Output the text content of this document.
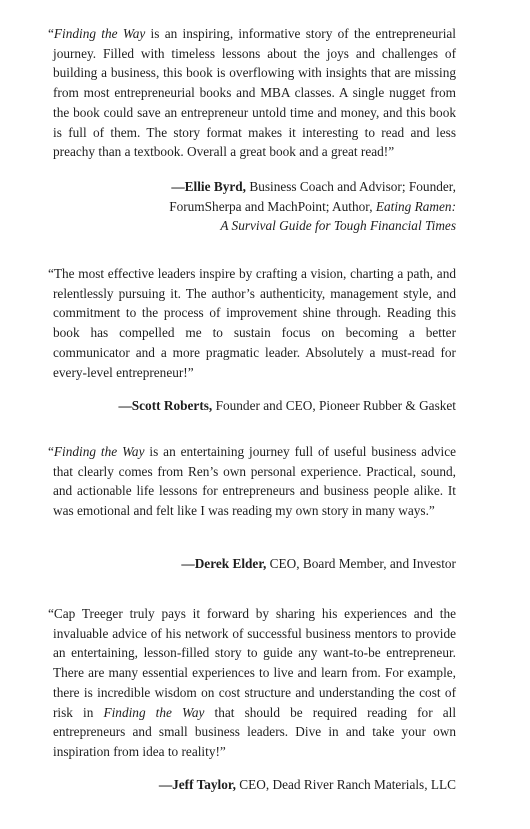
“Finding the Way is an inspiring, informative story of the entrepreneurial journey. Filled with timeless lessons about the joys and challenges of building a business, this book is overflowing with insights that are missing from most entrepreneurial books and MBA classes. A single nugget from the book could save an entrepreneur untold time and money, and this book is full of them. The story format makes it interesting to read and less preachy than a textbook. Overall a great book and a great read!”

—Ellie Byrd, Business Coach and Advisor; Founder,
ForumSherpa and MachPoint; Author, Eating Ramen:
A Survival Guide for Tough Financial Times

“The most effective leaders inspire by crafting a vision, charting a path, and relentlessly pursuing it. The author’s authenticity, management style, and commitment to the process of improvement shine through. Reading this book has compelled me to sustain focus on becoming a better communicator and a more pragmatic leader. Absolutely a must-read for every-level entrepreneur!”

—Scott Roberts, Founder and CEO, Pioneer Rubber & Gasket

“Finding the Way is an entertaining journey full of useful business advice that clearly comes from Ren’s own personal experience. Practical, sound, and actionable life lessons for entrepreneurs and business people alike. It was emotional and felt like I was reading my own story in many ways.”

—Derek Elder, CEO, Board Member, and Investor

“Cap Treeger truly pays it forward by sharing his experiences and the invaluable advice of his network of successful business mentors to provide an entertaining, lesson-filled story to guide any want-to-be entrepreneur. There are many essential experiences to live and learn from. For example, there is incredible wisdom on cost structure and understanding the cost of risk in Finding the Way that should be required reading for all entrepreneurs and small business leaders. Dive in and take your own inspiration from idea to reality!”

—Jeff Taylor, CEO, Dead River Ranch Materials, LLC
